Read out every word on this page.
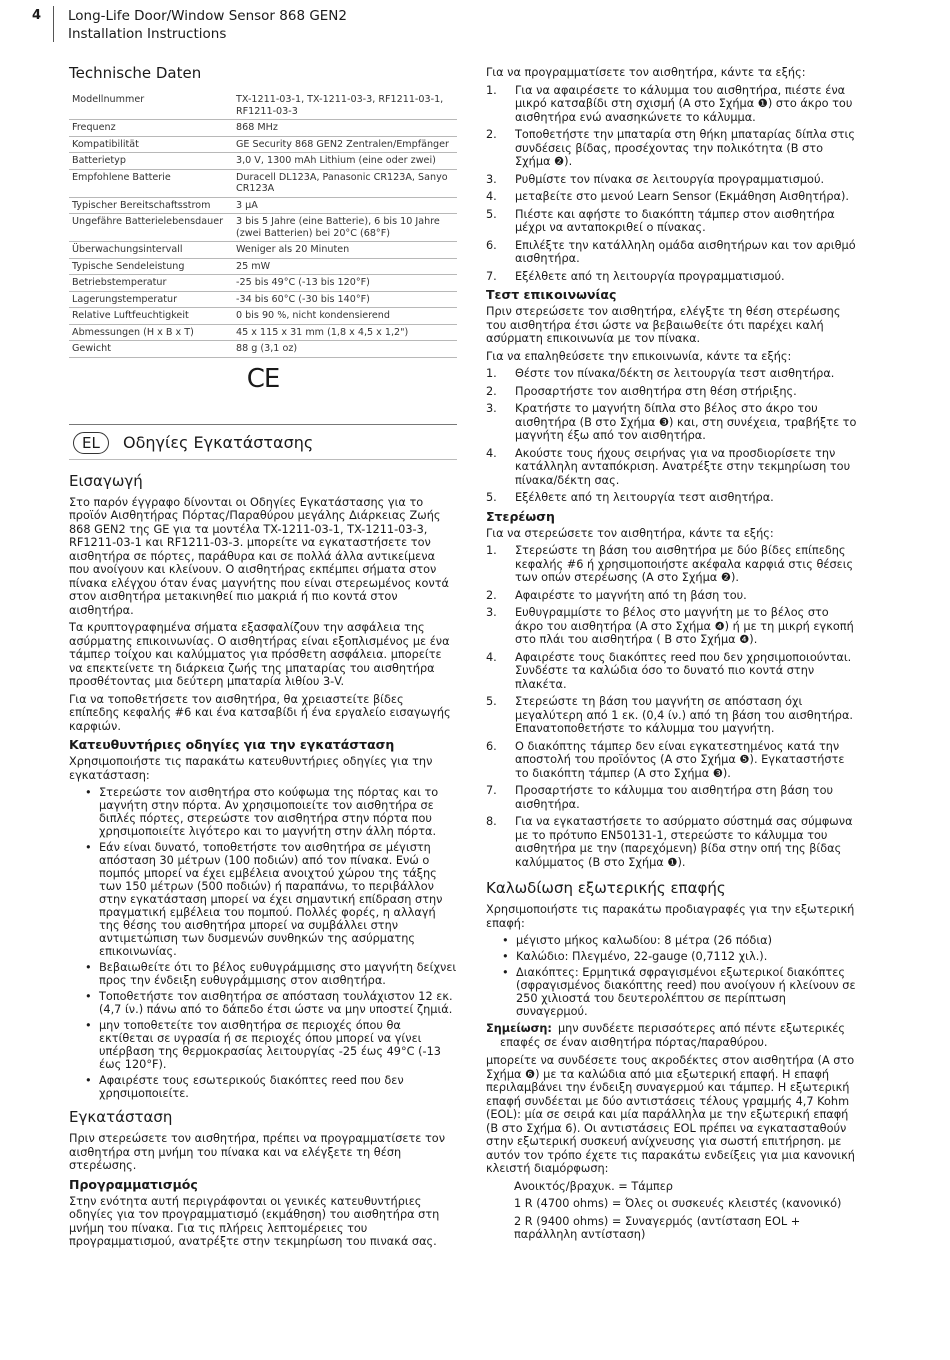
4 Long-Life Door/Window Sensor 868 GEN2
Installation Instructions
Technische Daten
Modellnummer	TX-1211-03-1, TX-1211-03-3, RF1211-03-1, RF1211-03-3
Frequenz	868 MHz
Kompatibilität	GE Security 868 GEN2 Zentralen/Empfänger
Batterietyp	3,0 V, 1300 mAh Lithium (eine oder zwei)
Empfohlene Batterie	Duracell DL123A, Panasonic CR123A, Sanyo CR123A
Typischer Bereitschaftsstrom	3 µA
Ungefähre Batterielebensdauer	3 bis 5 Jahre (eine Batterie), 6 bis 10 Jahre (zwei Batterien) bei 20°C (68°F)
Überwachungsintervall	Weniger als 20 Minuten
Typische Sendeleistung	25 mW
Betriebstemperatur	-25 bis 49°C (-13 bis 120°F)
Lagerungstemperatur	-34 bis 60°C (-30 bis 140°F)
Relative Luftfeuchtigkeit	0 bis 90 %, nicht kondensierend
Abmessungen (H x B x T)	45 x 115 x 31 mm (1,8 x 4,5 x 1,2")
Gewicht	88 g (3,1 oz)
CE
EL	Οδηγίες Εγκατάστασης
Εισαγωγή

Στο παρόν έγγραφο δίνονται οι Οδηγίες Εγκατάστασης για το προϊόν Αισθητήρας Πόρτας/Παραθύρου μεγάλης Διάρκειας Ζωής 868 GEN2 της GE για τα μοντέλα TX-1211-03-1, TX-1211-03-3, RF1211-03-1 και RF1211-03-3. μπορείτε να εγκαταστήσετε τον αισθητήρα σε πόρτες, παράθυρα και σε πολλά άλλα αντικείμενα που ανοίγουν και κλείνουν. Ο αισθητήρας εκπέμπει σήματα στον πίνακα ελέγχου όταν ένας μαγνήτης που είναι στερεωμένος κοντά στον αισθητήρα μετακινηθεί πιο μακριά ή πιο κοντά στον αισθητήρα.

Τα κρυπτογραφημένα σήματα εξασφαλίζουν την ασφάλεια της ασύρματης επικοινωνίας. Ο αισθητήρας είναι εξοπλισμένος με ένα τάμπερ τοίχου και καλύμματος για πρόσθετη ασφάλεια. μπορείτε να επεκτείνετε τη διάρκεια ζωής της μπαταρίας του αισθητήρα προσθέτοντας μια δεύτερη μπαταρία λιθίου 3-V.

Για να τοποθετήσετε τον αισθητήρα, θα χρειαστείτε βίδες επίπεδης κεφαλής #6 και ένα κατσαβίδι ή ένα εργαλείο εισαγωγής καρφιών.

Κατευθυντήριες οδηγίες για την εγκατάσταση

Χρησιμοποιήστε τις παρακάτω κατευθυντήριες οδηγίες για την εγκατάσταση:

• Στερεώστε τον αισθητήρα στο κούφωμα της πόρτας και το μαγνήτη στην πόρτα. Αν χρησιμοποιείτε τον αισθητήρα σε διπλές πόρτες, στερεώστε τον αισθητήρα στην πόρτα που χρησιμοποιείτε λιγότερο και το μαγνήτη στην άλλη πόρτα.
• Εάν είναι δυνατό, τοποθετήστε τον αισθητήρα σε μέγιστη απόσταση 30 μέτρων (100 ποδιών) από τον πίνακα. Ενώ ο πομπός μπορεί να έχει εμβέλεια ανοιχτού χώρου της τάξης των 150 μέτρων (500 ποδιών) ή παραπάνω, το περιβάλλον στην εγκατάσταση μπορεί να έχει σημαντική επίδραση στην πραγματική εμβέλεια του πομπού. Πολλές φορές, η αλλαγή της θέσης του αισθητήρα μπορεί να συμβάλλει στην αντιμετώπιση των δυσμενών συνθηκών της ασύρματης επικοινωνίας.
• Βεβαιωθείτε ότι το βέλος ευθυγράμμισης στο μαγνήτη δείχνει προς την ένδειξη ευθυγράμμισης στον αισθητήρα.
• Τοποθετήστε τον αισθητήρα σε απόσταση τουλάχιστον 12 εκ. (4,7 ίν.) πάνω από το δάπεδο έτσι ώστε να μην υποστεί ζημιά.
• μην τοποθετείτε τον αισθητήρα σε περιοχές όπου θα εκτίθεται σε υγρασία ή σε περιοχές όπου μπορεί να γίνει υπέρβαση της θερμοκρασίας λειτουργίας -25 έως 49°C (-13 έως 120°F).
• Αφαιρέστε τους εσωτερικούς διακόπτες reed που δεν χρησιμοποιείτε.
Εγκατάσταση

Πριν στερεώσετε τον αισθητήρα, πρέπει να προγραμματίσετε τον αισθητήρα στη μνήμη του πίνακα και να ελέγξετε τη θέση στερέωσης.

Προγραμματισμός

Στην ενότητα αυτή περιγράφονται οι γενικές κατευθυντήριες οδηγίες για τον προγραμματισμό (εκμάθηση) του αισθητήρα στη μνήμη του πίνακα. Για τις πλήρεις λεπτομέρειες του προγραμματισμού, ανατρέξτε στην τεκμηρίωση του πινακά σας.

Για να προγραμματίσετε τον αισθητήρα, κάντε τα εξής:

1. Για να αφαιρέσετε το κάλυμμα του αισθητήρα, πιέστε ένα μικρό κατσαβίδι στη σχισμή (A στο Σχήμα ❶) στο άκρο του αισθητήρα ενώ ανασηκώνετε το κάλυμμα.
2. Τοποθετήστε την μπαταρία στη θήκη μπαταρίας δίπλα στις συνδέσεις βίδας, προσέχοντας την πολικότητα (B στο Σχήμα ❷).
3. Ρυθμίστε τον πίνακα σε λειτουργία προγραμματισμού.
4. μεταβείτε στο μενού Learn Sensor (Εκμάθηση Αισθητήρα).
5. Πιέστε και αφήστε το διακόπτη τάμπερ στον αισθητήρα μέχρι να ανταποκριθεί ο πίνακας.
6. Επιλέξτε την κατάλληλη ομάδα αισθητήρων και τον αριθμό αισθητήρα.
7. Εξέλθετε από τη λειτουργία προγραμματισμού.
Τεστ επικοινωνίας

Πριν στερεώσετε τον αισθητήρα, ελέγξτε τη θέση στερέωσης του αισθητήρα έτσι ώστε να βεβαιωθείτε ότι παρέχει καλή ασύρματη επικοινωνία με τον πίνακα.

Για να επαληθεύσετε την επικοινωνία, κάντε τα εξής:

1. Θέστε τον πίνακα/δέκτη σε λειτουργία τεστ αισθητήρα.
2. Προσαρτήστε τον αισθητήρα στη θέση στήριξης.
3. Κρατήστε το μαγνήτη δίπλα στο βέλος στο άκρο του αισθητήρα (B στο Σχήμα ❸) και, στη συνέχεια, τραβήξτε το μαγνήτη έξω από τον αισθητήρα.
4. Ακούστε τους ήχους σειρήνας για να προσδιορίσετε την κατάλληλη ανταπόκριση. Ανατρέξτε στην τεκμηρίωση του πίνακα/δέκτη σας.
5. Εξέλθετε από τη λειτουργία τεστ αισθητήρα.
Στερέωση

Για να στερεώσετε τον αισθητήρα, κάντε τα εξής:

1. Στερεώστε τη βάση του αισθητήρα με δύο βίδες επίπεδης κεφαλής #6 ή χρησιμοποιήστε ακέφαλα καρφιά στις θέσεις των οπών στερέωσης (A στο Σχήμα ❷).
2. Αφαιρέστε το μαγνήτη από τη βάση του.
3. Ευθυγραμμίστε το βέλος στο μαγνήτη με το βέλος στο άκρο του αισθητήρα (A στο Σχήμα ❹) ή με τη μικρή εγκοπή στο πλάι του αισθητήρα ( B στο Σχήμα ❹).
4. Αφαιρέστε τους διακόπτες reed που δεν χρησιμοποιούνται. Συνδέστε τα καλώδια όσο το δυνατό πιο κοντά στην πλακέτα.
5. Στερεώστε τη βάση του μαγνήτη σε απόσταση όχι μεγαλύτερη από 1 εκ. (0,4 ίν.) από τη βάση του αισθητήρα. Επανατοποθετήστε το κάλυμμα του μαγνήτη.
6. Ο διακόπτης τάμπερ δεν είναι εγκατεστημένος κατά την αποστολή του προϊόντος (A στο Σχήμα ❺). Εγκαταστήστε το διακόπτη τάμπερ (A στο Σχήμα ❸).
7. Προσαρτήστε το κάλυμμα του αισθητήρα στη βάση του αισθητήρα.
8. Για να εγκαταστήσετε το ασύρματο σύστημά σας σύμφωνα με το πρότυπο EN50131-1, στερεώστε το κάλυμμα του αισθητήρα με την (παρεχόμενη) βίδα στην οπή της βίδας καλύμματος (B στο Σχήμα ❶).
Καλωδίωση εξωτερικής επαφής

Χρησιμοποιήστε τις παρακάτω προδιαγραφές για την εξωτερική επαφή:

• μέγιστο μήκος καλωδίου: 8 μέτρα (26 πόδια)
• Καλώδιο: Πλεγμένο, 22-gauge (0,7112 χιλ.).
• Διακόπτες: Ερμητικά σφραγισμένοι εξωτερικοί διακόπτες (σφραγισμένος διακόπτης reed) που ανοίγουν ή κλείνουν σε 250 χιλιοστά του δευτερολέπτου σε περίπτωση συναγερμού.
Σημείωση: μην συνδέετε περισσότερες από πέντε εξωτερικές επαφές σε έναν αισθητήρα πόρτας/παραθύρου.

μπορείτε να συνδέσετε τους ακροδέκτες στον αισθητήρα (A στο Σχήμα ❻) με τα καλώδια από μια εξωτερική επαφή. Η επαφή περιλαμβάνει την ένδειξη συναγερμού και τάμπερ. Η εξωτερική επαφή συνδέεται με δύο αντιστάσεις τέλους γραμμής 4,7 Kohm (EOL): μία σε σειρά και μία παράλληλα με την εξωτερική επαφή (B στο Σχήμα 6). Οι αντιστάσεις EOL πρέπει να εγκατασταθούν στην εξωτερική συσκευή ανίχνευσης για σωστή επιτήρηση. με αυτόν τον τρόπο έχετε τις παρακάτω ενδείξεις για μια κανονική κλειστή διαμόρφωση:

Ανοικτός/βραχυκ. = Τάμπερ

1 R (4700 ohms) = Όλες οι συσκευές κλειστές (κανονικό)

2 R (9400 ohms) = Συναγερμός (αντίσταση EOL + παράλληλη αντίσταση)
